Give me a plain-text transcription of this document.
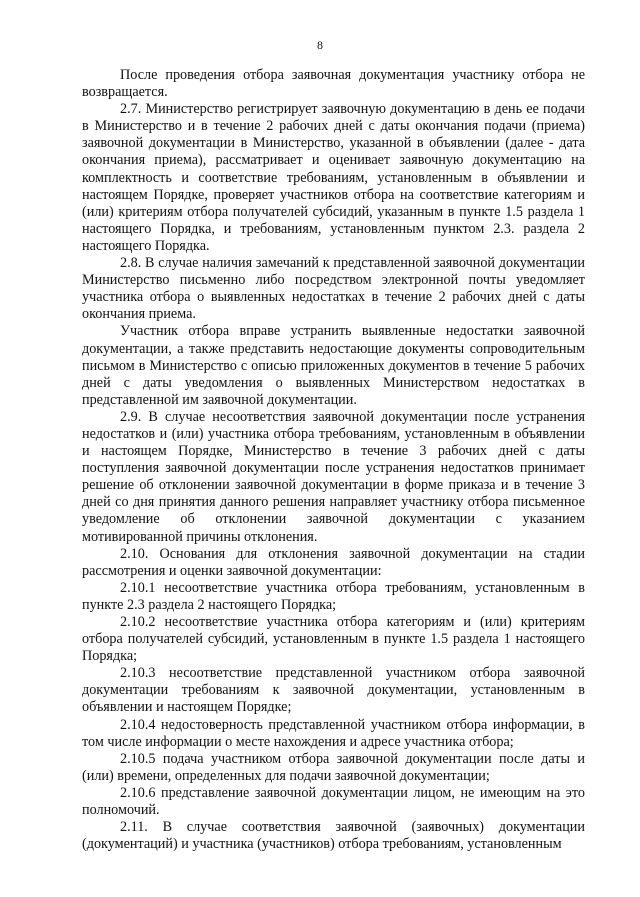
8

После проведения отбора заявочная документация участнику отбора не возвращается.

2.7. Министерство регистрирует заявочную документацию в день ее подачи в Министерство и в течение 2 рабочих дней с даты окончания подачи (приема) заявочной документации в Министерство, указанной в объявлении (далее - дата окончания приема), рассматривает и оценивает заявочную документацию на комплектность и соответствие требованиям, установленным в объявлении и настоящем Порядке, проверяет участников отбора на соответствие категориям и (или) критериям отбора получателей субсидий, указанным в пункте 1.5 раздела 1 настоящего Порядка, и требованиям, установленным пунктом 2.3. раздела 2 настоящего Порядка.

2.8. В случае наличия замечаний к представленной заявочной документации Министерство письменно либо посредством электронной почты уведомляет участника отбора о выявленных недостатках в течение 2 рабочих дней с даты окончания приема.

Участник отбора вправе устранить выявленные недостатки заявочной документации, а также представить недостающие документы сопроводительным письмом в Министерство с описью приложенных документов в течение 5 рабочих дней с даты уведомления о выявленных Министерством недостатках в представленной им заявочной документации.

2.9. В случае несоответствия заявочной документации после устранения недостатков и (или) участника отбора требованиям, установленным в объявлении и настоящем Порядке, Министерство в течение 3 рабочих дней с даты поступления заявочной документации после устранения недостатков принимает решение об отклонении заявочной документации в форме приказа и в течение 3 дней со дня принятия данного решения направляет участнику отбора письменное уведомление об отклонении заявочной документации с указанием мотивированной причины отклонения.

2.10. Основания для отклонения заявочной документации на стадии рассмотрения и оценки заявочной документации:

2.10.1 несоответствие участника отбора требованиям, установленным в пункте 2.3 раздела 2 настоящего Порядка;

2.10.2 несоответствие участника отбора категориям и (или) критериям отбора получателей субсидий, установленным в пункте 1.5 раздела 1 настоящего Порядка;

2.10.3 несоответствие представленной участником отбора заявочной документации требованиям к заявочной документации, установленным в объявлении и настоящем Порядке;

2.10.4 недостоверность представленной участником отбора информации, в том числе информации о месте нахождения и адресе участника отбора;

2.10.5 подача участником отбора заявочной документации после даты и (или) времени, определенных для подачи заявочной документации;

2.10.6 представление заявочной документации лицом, не имеющим на это полномочий.

2.11. В случае соответствия заявочной (заявочных) документации (документаций) и участника (участников) отбора требованиям, установленным
